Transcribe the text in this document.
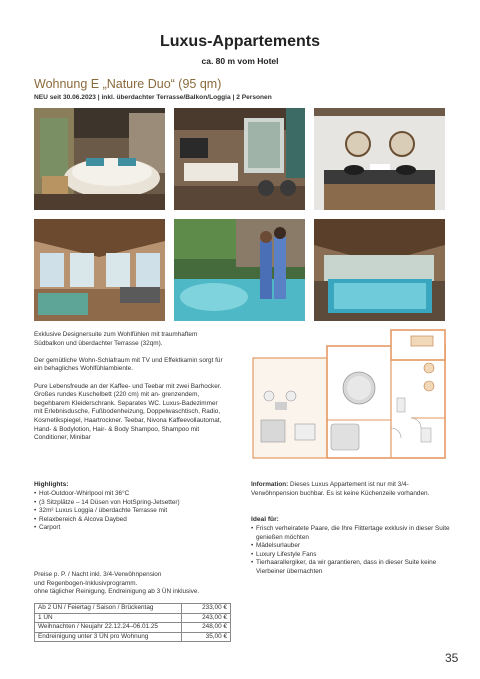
Luxus-Appartements
ca. 80 m vom Hotel
Wohnung E „Nature Duo“ (95 qm)
NEU seit 30.06.2023 | inkl. überdachter Terrasse/Balkon/Loggia | 2 Personen

Exklusive Designersuite zum Wohlfühlen mit traumhaftem Südbalkon und überdachter Terrasse (32qm).

Der gemütliche Wohn-Schlafraum mit TV und Effektkamin sorgt für ein behagliches Wohlfühlambiente.

Pure Lebensfreude an der Kaffee- und Teebar mit zwei Barhocker. Großes rundes Kuschelbett (220 cm) mit an- grenzendem, begehbarem Kleiderschrank. Separates WC. Luxus-Badezimmer mit Erlebnisdusche, Fußbodenheizung, Doppelwaschtisch, Radio, Kosmetikspiegel, Haartrockner. Teebar, Nivona Kaffeevollautomat, Hand- & Bodylotion, Hair- & Body Shampoo, Shampoo mit Conditioner, Minibar

Highlights:
• Hot-Outdoor-Whirlpool mit 36°C
• (3 Sitzplätze – 14 Düsen von HotSpring-Jetsetter)
• 32m² Luxus Loggia / überdachte Terrasse mit
• Relaxbereich & Alcova Daybed
• Carport
Information: Dieses Luxus Appartement ist nur mit 3/4-Verwöhnpension buchbar. Es ist keine Küchenzeile vorhanden.
Ideal für:
• Frisch verheiratete Paare, die Ihre Flittertage exklusiv in dieser Suite genießen möchten
• Mädelsurlauber
• Luxury Lifestyle Fans
• Tierhaarallergiker, da wir garantieren, dass in dieser Suite keine Vierbeiner übernachten
Preise p. P. / Nacht inkl. 3/4-Verwöhnpension
und Regenbogen-Inklusivprogramm.
ohne täglicher Reinigung. Endreinigung ab 3 ÜN inklusive.
Ab 2 ÜN / Feiertag / Saison / Brückentag	233,00 €
1 ÜN	243,00 €
Weihnachten / Neujahr 22.12.24–06.01.25	248,00 €
Endreinigung unter 3 ÜN pro Wohnung	35,00 €
35
